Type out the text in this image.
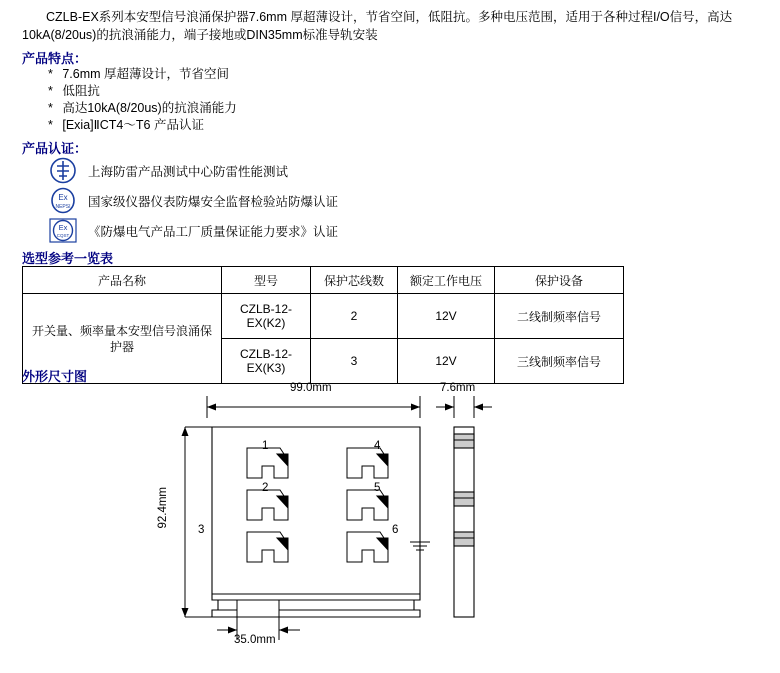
CZLB-EX系列本安型信号浪涌保护器7.6mm 厚超薄设计，节省空间，低阻抗。多种电压范围，适用于各种过程I/O信号，高达10kA(8/20us)的抗浪涌能力，端子接地或DIN35mm标准导轨安装
产品特点：
* 7.6mm 厚超薄设计，节省空间
* 低阻抗
* 高达10kA(8/20us)的抗浪涌能力
* [Exia]ⅡCT4～T6 产品认证
产品认证：
上海防雷产品测试中心防雷性能测试
Ex
NEPSI 国家级仪器仪表防爆安全监督检验站防爆认证
Ex
CQST 《防爆电气产品工厂质量保证能力要求》认证
选型参考一览表
产品名称	型号	保护芯线数	额定工作电压	保护设备
开关量、频率量本安型信号浪涌保护器	CZLB-12-
EX(K2)	2	12V	二线制频率信号

	CZLB-12-
EX(K3)	3	12V	三线制频率信号
外形尺寸图
99.0mm	7.6mm
92.4mm
35.0mm
1	4
2	5
3	6
